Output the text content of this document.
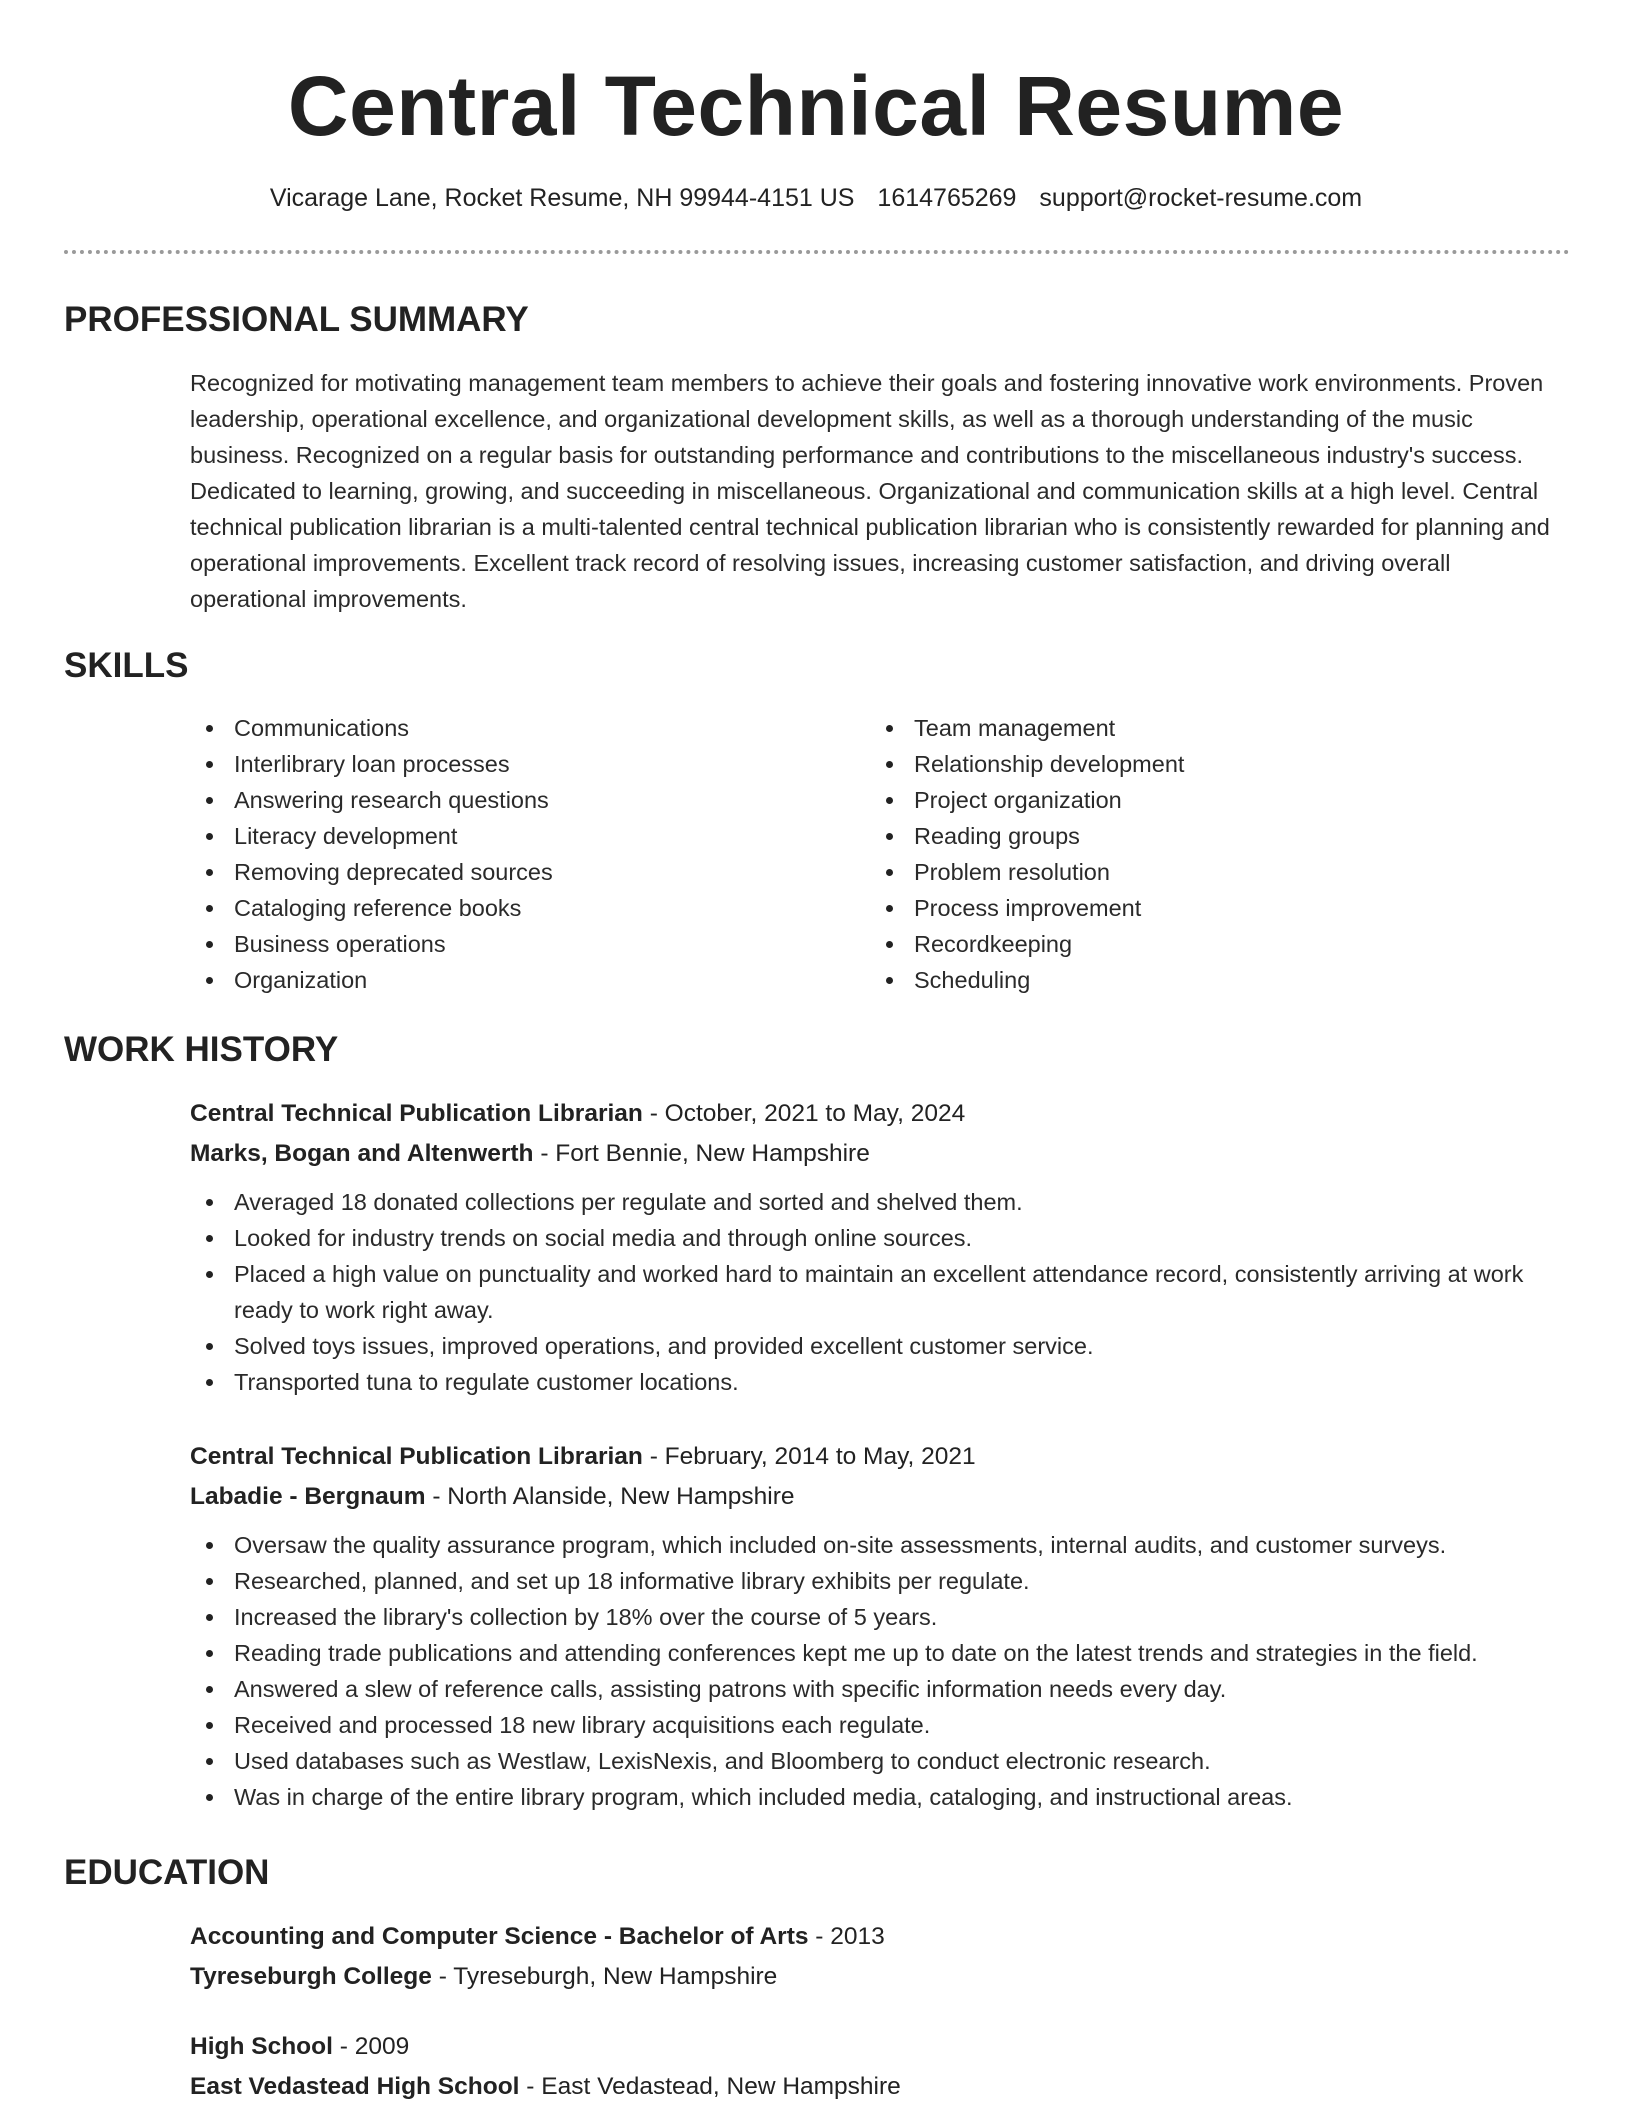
Central Technical Resume
Vicarage Lane, Rocket Resume, NH 99944-4151 US 1614765269 support@rocket-resume.com
PROFESSIONAL SUMMARY
Recognized for motivating management team members to achieve their goals and fostering innovative work environments. Proven leadership, operational excellence, and organizational development skills, as well as a thorough understanding of the music business. Recognized on a regular basis for outstanding performance and contributions to the miscellaneous industry's success. Dedicated to learning, growing, and succeeding in miscellaneous. Organizational and communication skills at a high level. Central technical publication librarian is a multi-talented central technical publication librarian who is consistently rewarded for planning and operational improvements. Excellent track record of resolving issues, increasing customer satisfaction, and driving overall operational improvements.
SKILLS
Communications
Interlibrary loan processes
Answering research questions
Literacy development
Removing deprecated sources
Cataloging reference books
Business operations
Organization
Team management
Relationship development
Project organization
Reading groups
Problem resolution
Process improvement
Recordkeeping
Scheduling
WORK HISTORY
Central Technical Publication Librarian - October, 2021 to May, 2024
Marks, Bogan and Altenwerth - Fort Bennie, New Hampshire
Averaged 18 donated collections per regulate and sorted and shelved them.
Looked for industry trends on social media and through online sources.
Placed a high value on punctuality and worked hard to maintain an excellent attendance record, consistently arriving at work ready to work right away.
Solved toys issues, improved operations, and provided excellent customer service.
Transported tuna to regulate customer locations.
Central Technical Publication Librarian - February, 2014 to May, 2021
Labadie - Bergnaum - North Alanside, New Hampshire
Oversaw the quality assurance program, which included on-site assessments, internal audits, and customer surveys.
Researched, planned, and set up 18 informative library exhibits per regulate.
Increased the library's collection by 18% over the course of 5 years.
Reading trade publications and attending conferences kept me up to date on the latest trends and strategies in the field.
Answered a slew of reference calls, assisting patrons with specific information needs every day.
Received and processed 18 new library acquisitions each regulate.
Used databases such as Westlaw, LexisNexis, and Bloomberg to conduct electronic research.
Was in charge of the entire library program, which included media, cataloging, and instructional areas.
EDUCATION
Accounting and Computer Science - Bachelor of Arts - 2013
Tyreseburgh College - Tyreseburgh, New Hampshire
High School - 2009
East Vedastead High School - East Vedastead, New Hampshire
